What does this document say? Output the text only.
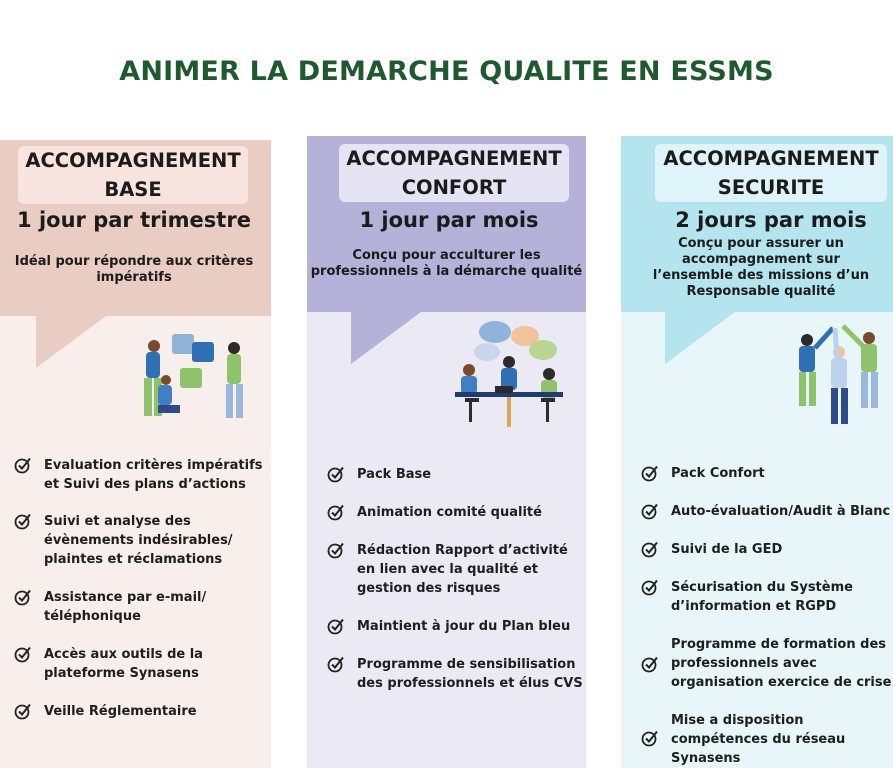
ANIMER LA DEMARCHE QUALITE EN ESSMS
ACCOMPAGNEMENT
BASE
1 jour par trimestre
Idéal pour répondre aux critères
impératifs
Evaluation critères impératifs
et Suivi des plans d’actions
Suivi et analyse des
évènements indésirables/
plaintes et réclamations
Assistance par e-mail/
téléphonique
Accès aux outils de la
plateforme Synasens
Veille Réglementaire
ACCOMPAGNEMENT
CONFORT
1 jour par mois
Conçu pour acculturer les
professionnels à la démarche qualité
Pack Base
Animation comité qualité
Rédaction Rapport d’activité
en lien avec la qualité et
gestion des risques
Maintient à jour du Plan bleu
Programme de sensibilisation
des professionnels et élus CVS
ACCOMPAGNEMENT
SECURITE
2 jours par mois
Conçu pour assurer un
accompagnement sur
l’ensemble des missions d’un
Responsable qualité
Pack Confort
Auto-évaluation/Audit à Blanc
Suivi de la GED
Sécurisation du Système
d’information et RGPD
Programme de formation des
professionnels avec
organisation exercice de crise
Mise a disposition
compétences du réseau
Synasens
